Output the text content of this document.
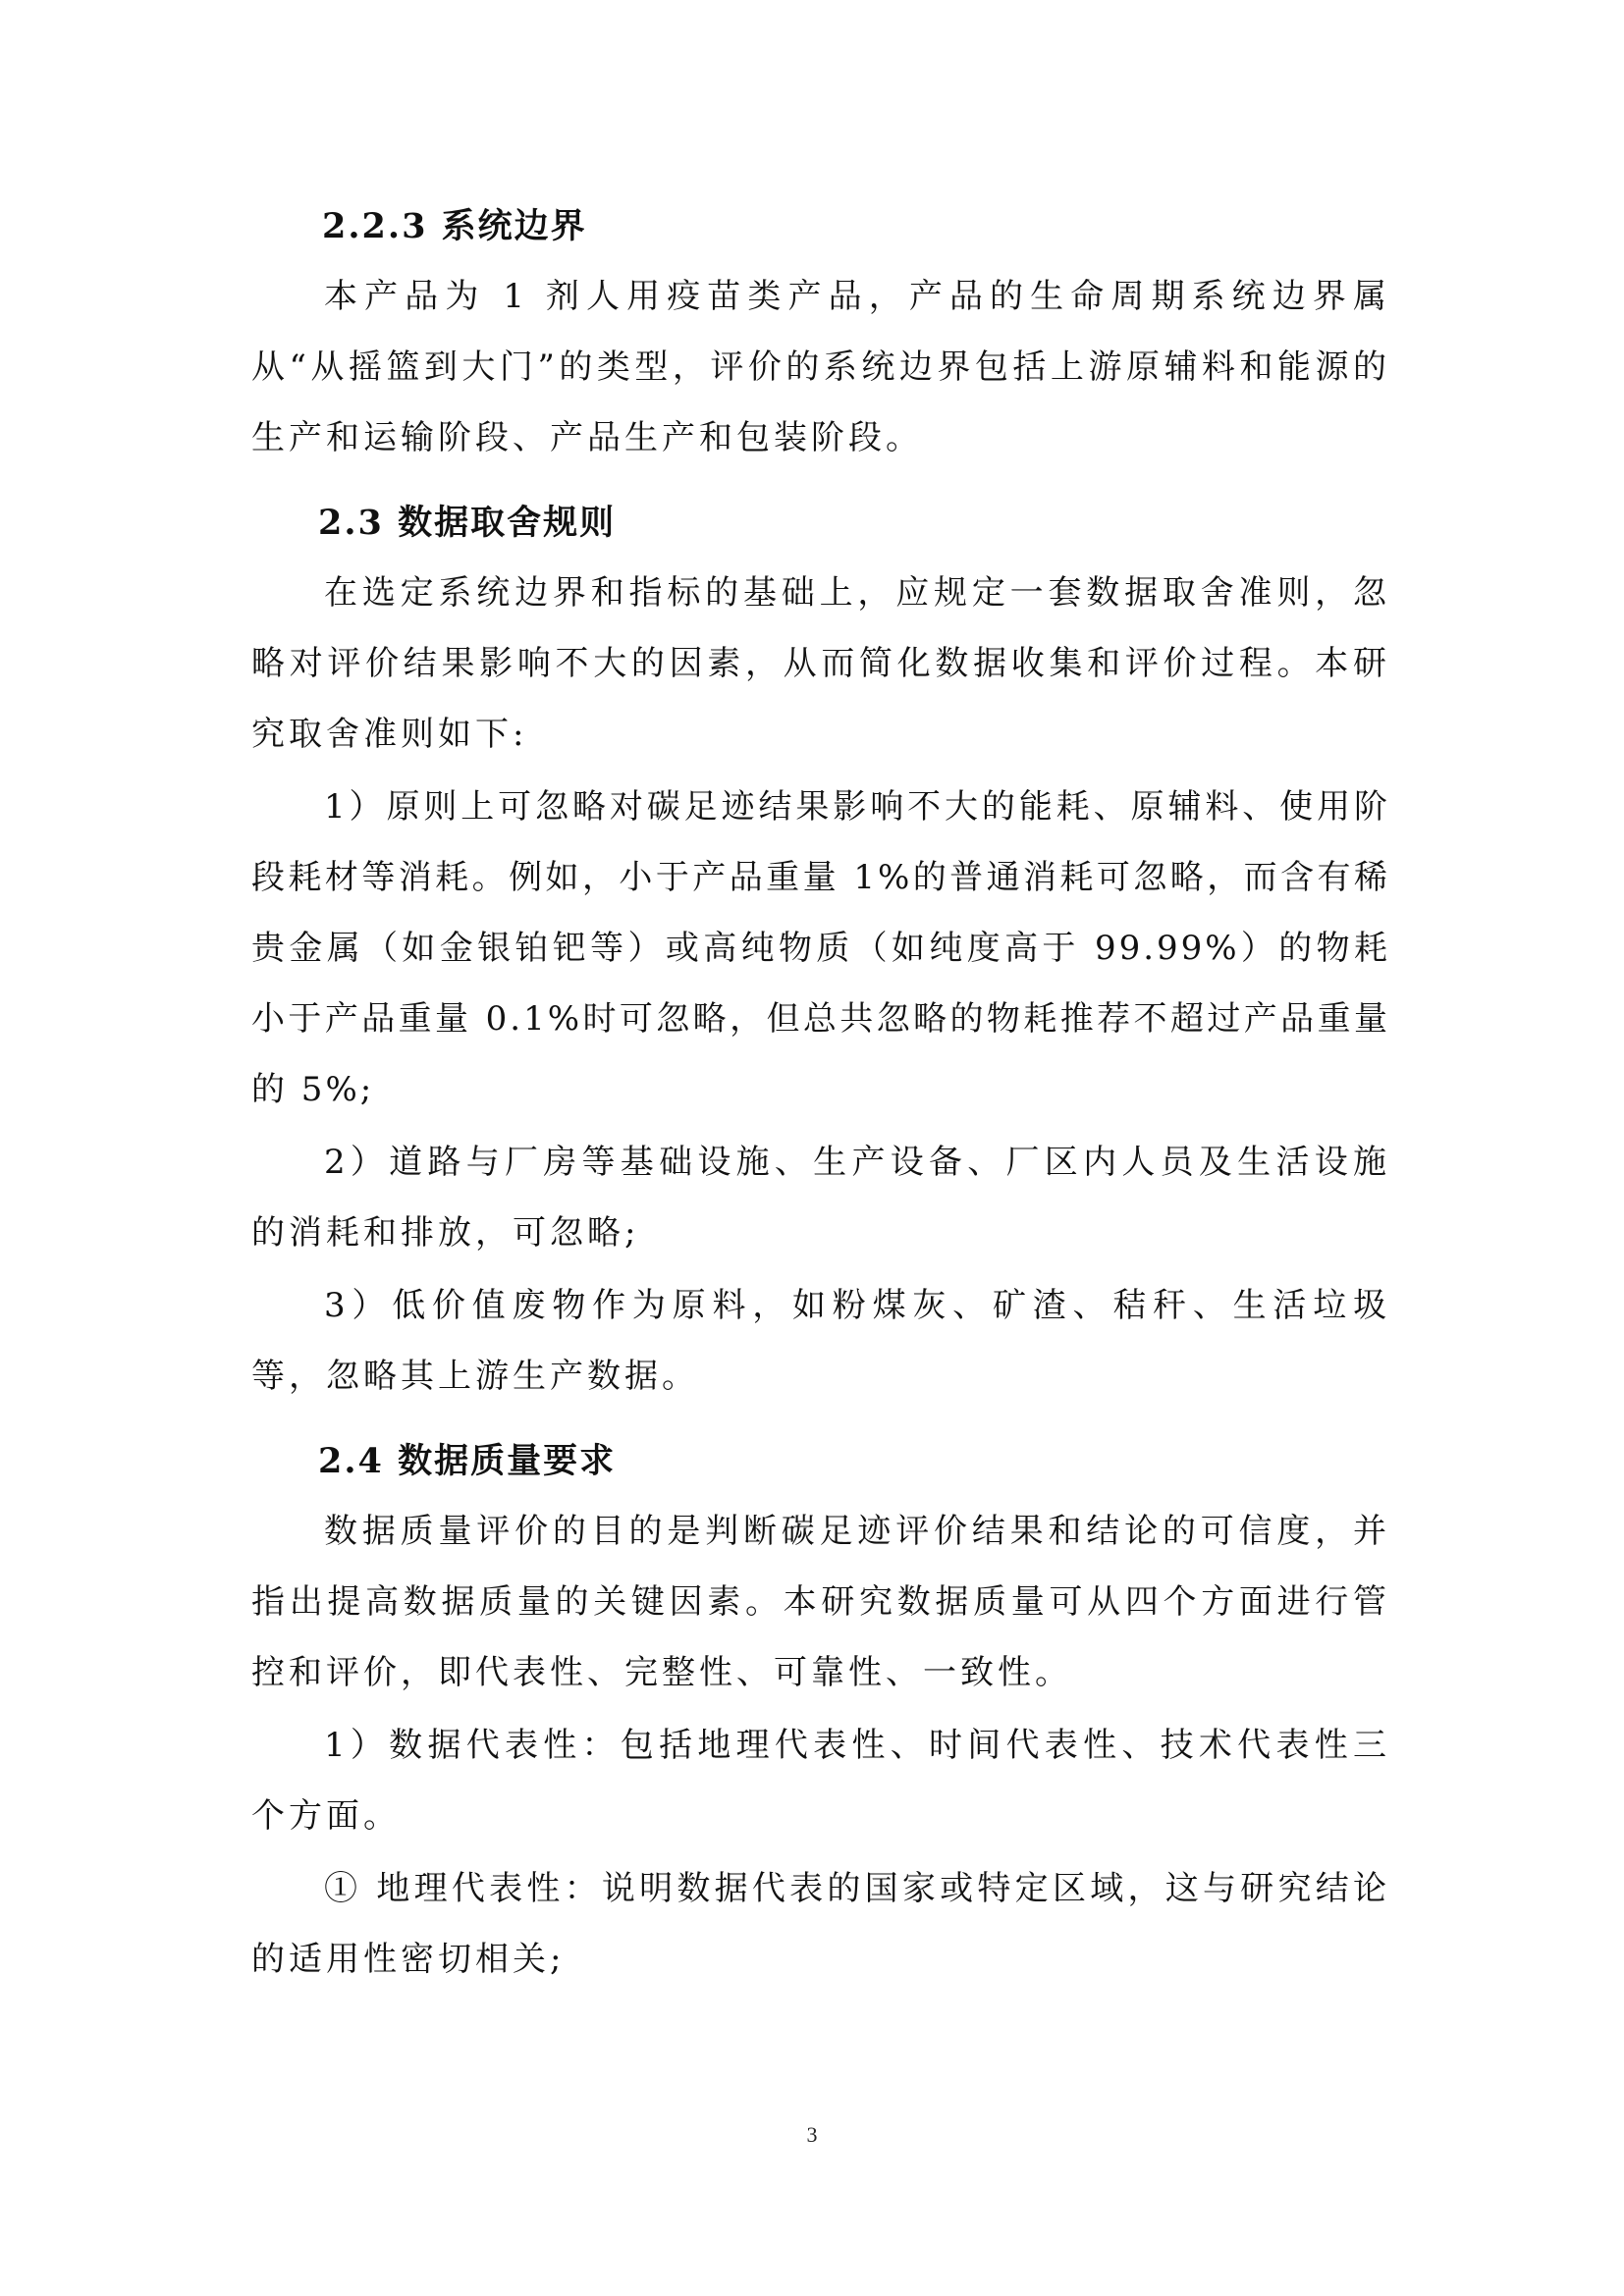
2.2.3 系统边界

本产品为 1 剂人用疫苗类产品，产品的生命周期系统边界属从“从摇篮到大门”的类型，评价的系统边界包括上游原辅料和能源的生产和运输阶段、产品生产和包装阶段。

2.3 数据取舍规则

在选定系统边界和指标的基础上，应规定一套数据取舍准则，忽略对评价结果影响不大的因素，从而简化数据收集和评价过程。本研究取舍准则如下:

1）原则上可忽略对碳足迹结果影响不大的能耗、原辅料、使用阶段耗材等消耗。例如，小于产品重量 1%的普通消耗可忽略，而含有稀贵金属（如金银铂钯等）或高纯物质（如纯度高于 99.99%）的物耗小于产品重量 0.1%时可忽略，但总共忽略的物耗推荐不超过产品重量的 5%;

2）道路与厂房等基础设施、生产设备、厂区内人员及生活设施的消耗和排放，可忽略;

3）低价值废物作为原料，如粉煤灰、矿渣、秸秆、生活垃圾等，忽略其上游生产数据。

2.4 数据质量要求

数据质量评价的目的是判断碳足迹评价结果和结论的可信度，并指出提高数据质量的关键因素。本研究数据质量可从四个方面进行管控和评价，即代表性、完整性、可靠性、一致性。

1）数据代表性：包括地理代表性、时间代表性、技术代表性三个方面。

① 地理代表性：说明数据代表的国家或特定区域，这与研究结论的适用性密切相关;

3
